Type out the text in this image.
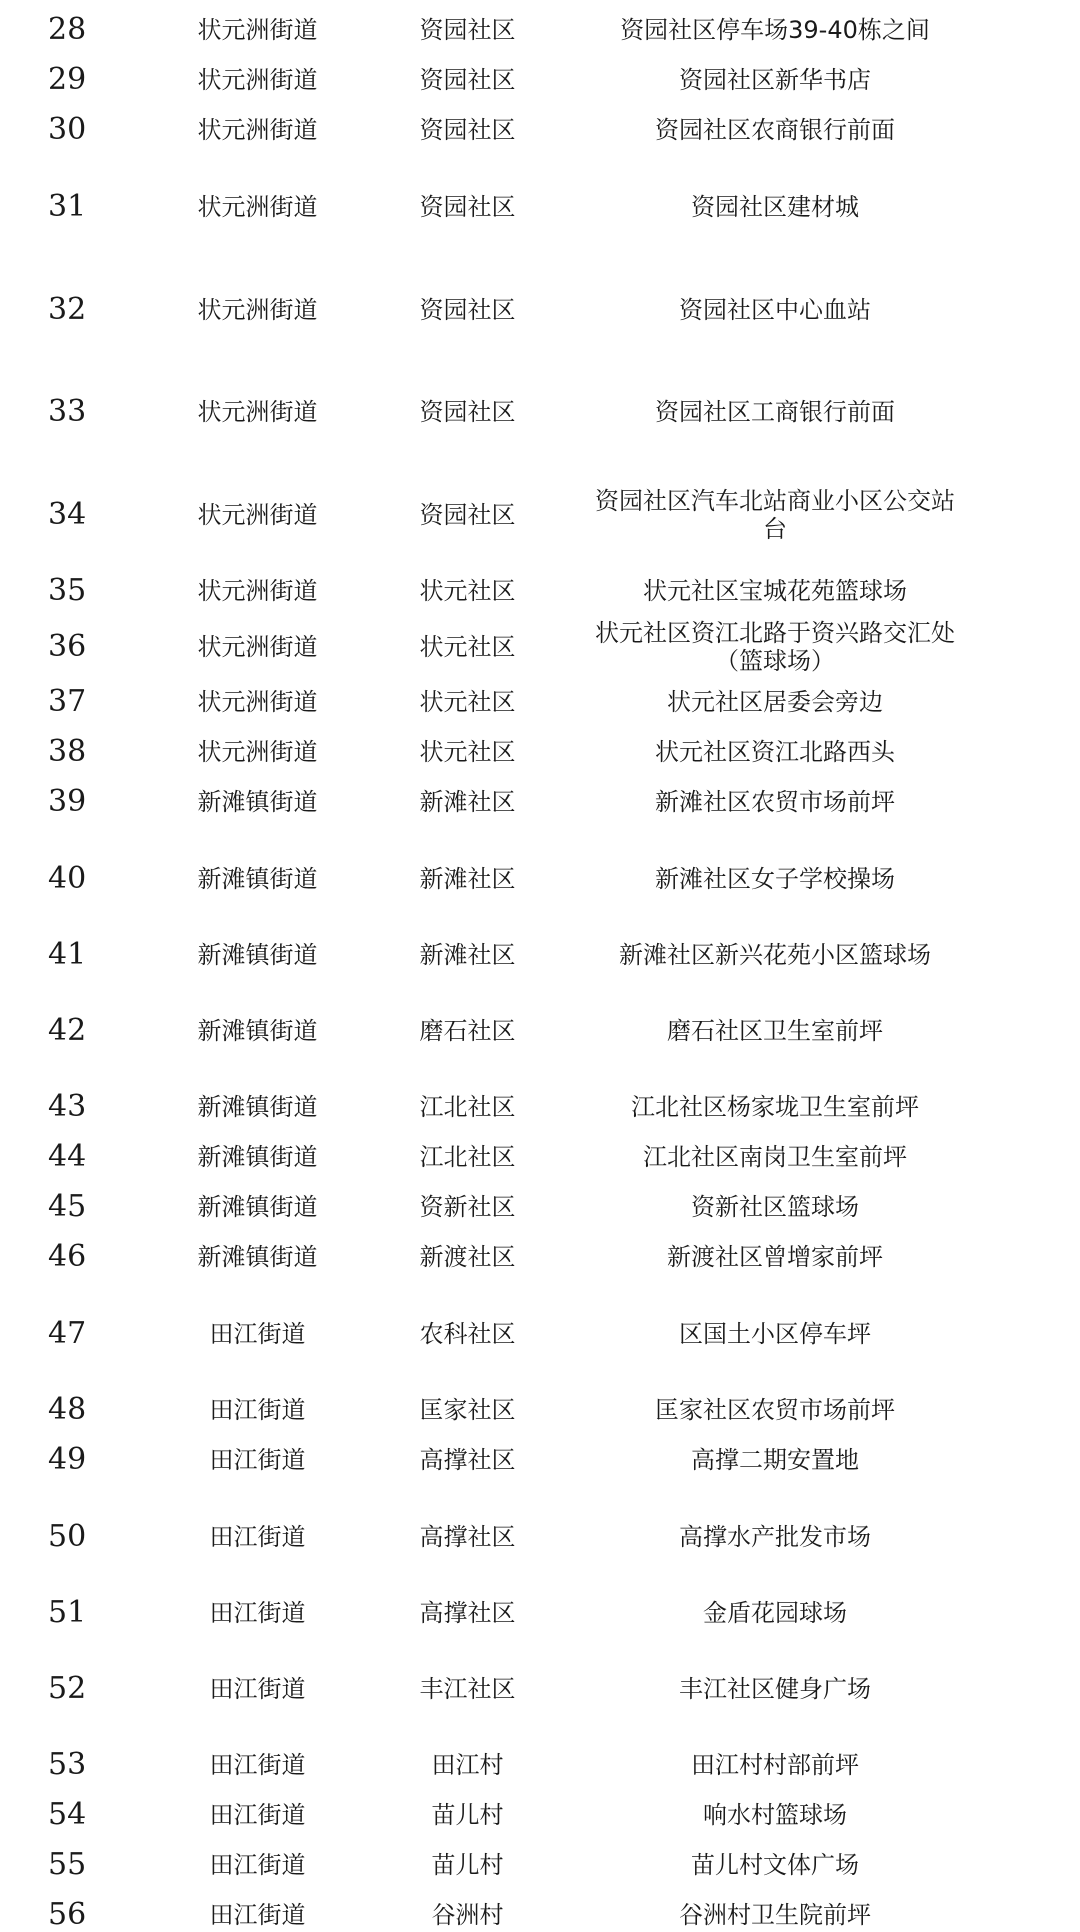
28	状元洲街道	资园社区	资园社区停车场39-40栋之间
29	状元洲街道	资园社区	资园社区新华书店
30	状元洲街道	资园社区	资园社区农商银行前面
31	状元洲街道	资园社区	资园社区建材城
32	状元洲街道	资园社区	资园社区中心血站
33	状元洲街道	资园社区	资园社区工商银行前面
34	状元洲街道	资园社区	资园社区汽车北站商业小区公交站台
35	状元洲街道	状元社区	状元社区宝城花苑篮球场
36	状元洲街道	状元社区	状元社区资江北路于资兴路交汇处（篮球场）
37	状元洲街道	状元社区	状元社区居委会旁边
38	状元洲街道	状元社区	状元社区资江北路西头
39	新滩镇街道	新滩社区	新滩社区农贸市场前坪
40	新滩镇街道	新滩社区	新滩社区女子学校操场
41	新滩镇街道	新滩社区	新滩社区新兴花苑小区篮球场
42	新滩镇街道	磨石社区	磨石社区卫生室前坪
43	新滩镇街道	江北社区	江北社区杨家垅卫生室前坪
44	新滩镇街道	江北社区	江北社区南岗卫生室前坪
45	新滩镇街道	资新社区	资新社区篮球场
46	新滩镇街道	新渡社区	新渡社区曾增家前坪
47	田江街道	农科社区	区国土小区停车坪
48	田江街道	匡家社区	匡家社区农贸市场前坪
49	田江街道	高撑社区	高撑二期安置地
50	田江街道	高撑社区	高撑水产批发市场
51	田江街道	高撑社区	金盾花园球场
52	田江街道	丰江社区	丰江社区健身广场
53	田江街道	田江村	田江村村部前坪
54	田江街道	苗儿村	响水村篮球场
55	田江街道	苗儿村	苗儿村文体广场
56	田江街道	谷洲村	谷洲村卫生院前坪
